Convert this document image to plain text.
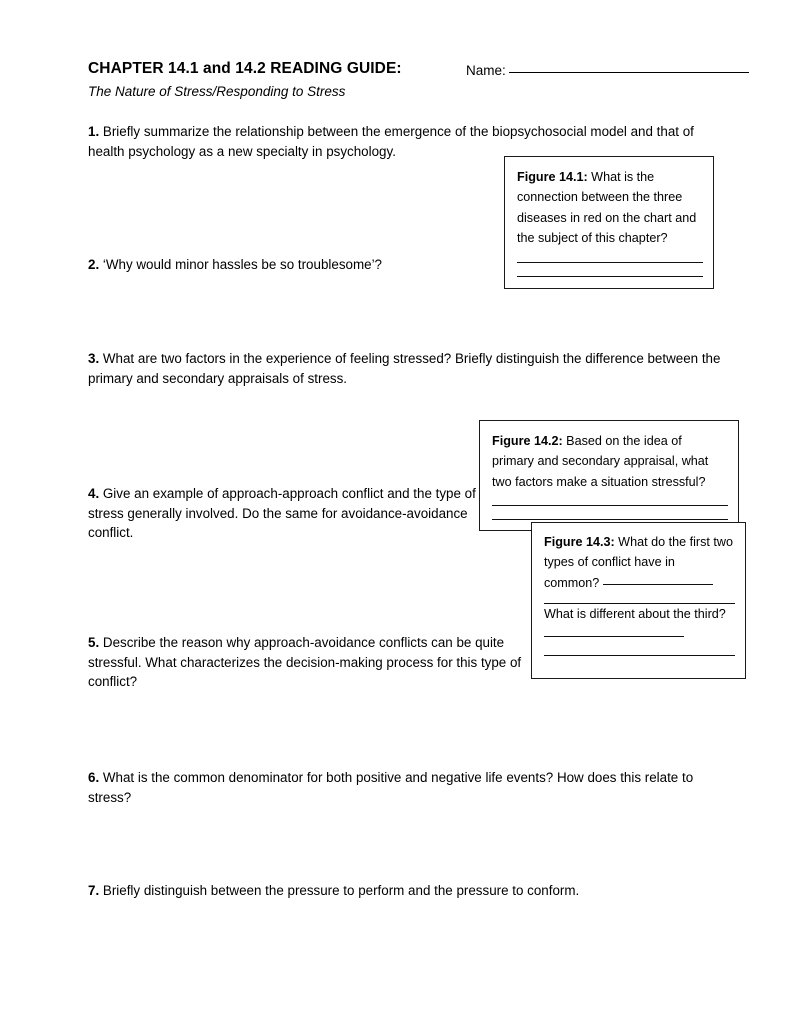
CHAPTER 14.1 and 14.2 READING GUIDE:	Name:
The Nature of Stress/Responding to Stress
1. Briefly summarize the relationship between the emergence of the biopsychosocial model and that of health psychology as a new specialty in psychology.
2. ‘Why would minor hassles be so troublesome’?
3. What are two factors in the experience of feeling stressed? Briefly distinguish the difference between the primary and secondary appraisals of stress.
4. Give an example of approach-approach conflict and the type of stress generally involved. Do the same for avoidance-avoidance conflict.
5. Describe the reason why approach-avoidance conflicts can be quite stressful. What characterizes the decision-making process for this type of conflict?
6. What is the common denominator for both positive and negative life events? How does this relate to stress?
7. Briefly distinguish between the pressure to perform and the pressure to conform.
Figure 14.1: What is the connection between the three diseases in red on the chart and the subject of this chapter?
Figure 14.2: Based on the idea of primary and secondary appraisal, what two factors make a situation stressful?
Figure 14.3: What do the first two types of conflict have in common?
What is different about the third?
